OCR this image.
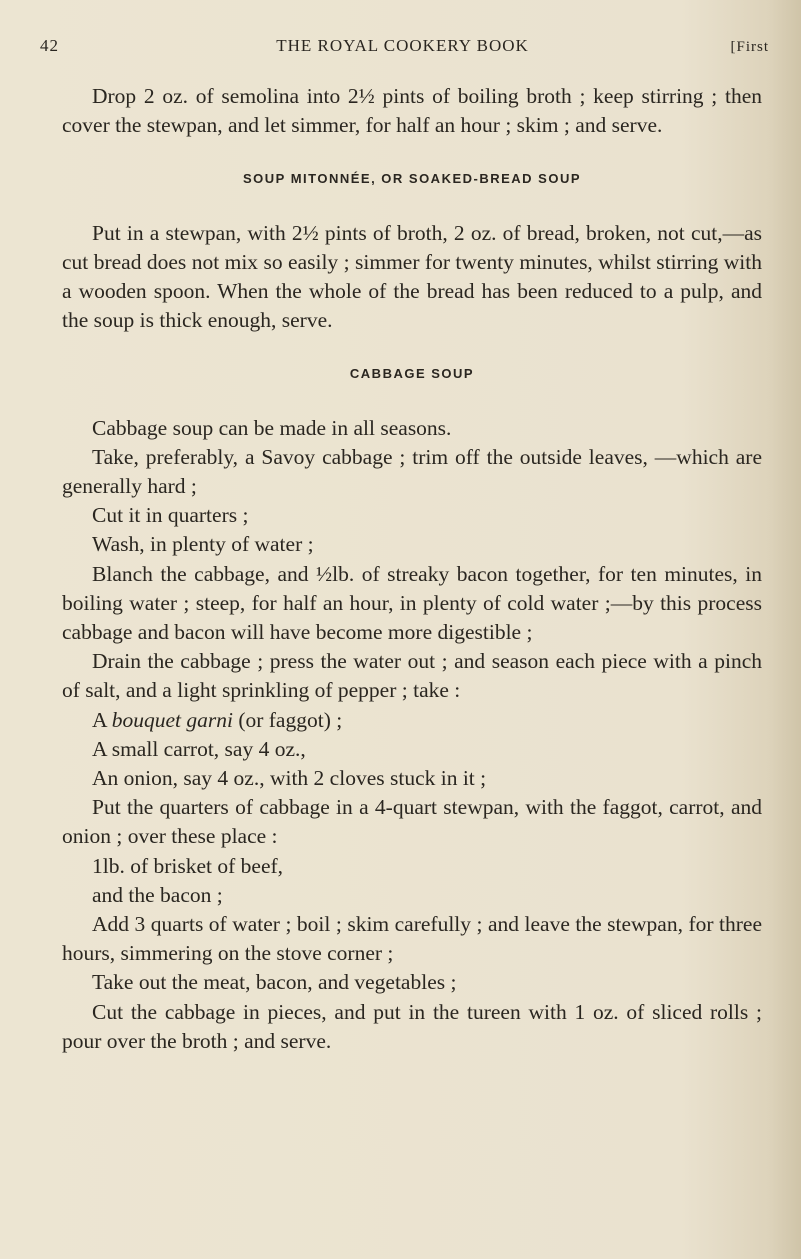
42	THE ROYAL COOKERY BOOK	[First

Drop 2 oz. of semolina into 2½ pints of boiling broth ; keep stirring ; then cover the stewpan, and let simmer, for half an hour ; skim ; and serve.

SOUP MITONNÉE, OR SOAKED-BREAD SOUP

Put in a stewpan, with 2½ pints of broth, 2 oz. of bread, broken, not cut,—as cut bread does not mix so easily ; simmer for twenty minutes, whilst stirring with a wooden spoon. When the whole of the bread has been reduced to a pulp, and the soup is thick enough, serve.

CABBAGE SOUP

Cabbage soup can be made in all seasons.

Take, preferably, a Savoy cabbage ; trim off the outside leaves, —which are generally hard ;

Cut it in quarters ;

Wash, in plenty of water ;

Blanch the cabbage, and ½lb. of streaky bacon together, for ten minutes, in boiling water ; steep, for half an hour, in plenty of cold water ;—by this process cabbage and bacon will have become more digestible ;

Drain the cabbage ; press the water out ; and season each piece with a pinch of salt, and a light sprinkling of pepper ; take :

A bouquet garni (or faggot) ;

A small carrot, say 4 oz.,

An onion, say 4 oz., with 2 cloves stuck in it ;

Put the quarters of cabbage in a 4-quart stewpan, with the faggot, carrot, and onion ; over these place :

1lb. of brisket of beef,

and the bacon ;

Add 3 quarts of water ; boil ; skim carefully ; and leave the stewpan, for three hours, simmering on the stove corner ;

Take out the meat, bacon, and vegetables ;

Cut the cabbage in pieces, and put in the tureen with 1 oz. of sliced rolls ; pour over the broth ; and serve.
